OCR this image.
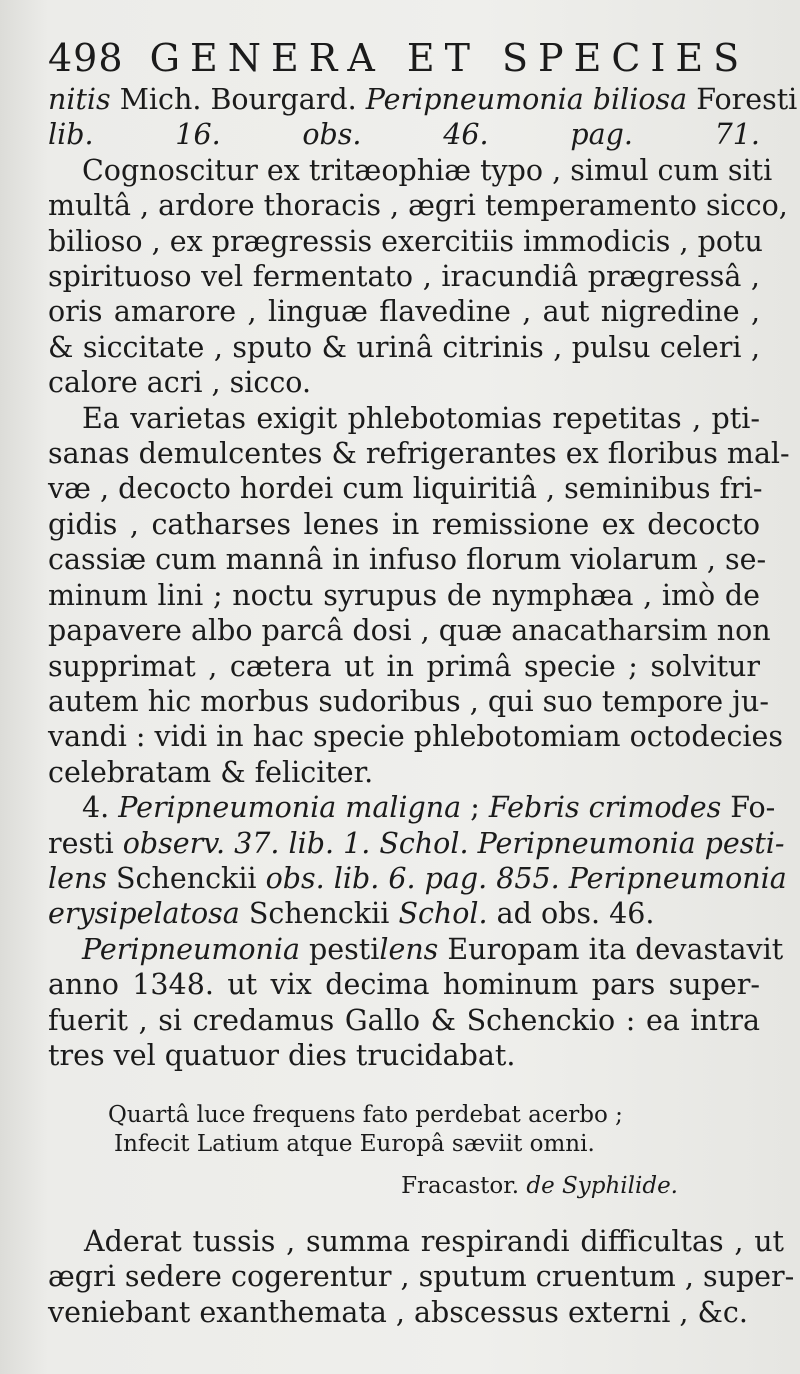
498 GENERA ET SPECIES
nitis Mich. Bourgard. Peripneumonia biliosa Foresti
lib. 16. obs. 46. pag. 71.
Cognoscitur ex tritæophiæ typo , simul cum siti
multâ , ardore thoracis , ægri temperamento sicco,
bilioso , ex prægressis exercitiis immodicis , potu
spirituoso vel fermentato , iracundiâ prægressâ ,
oris amarore , linguæ flavedine , aut nigredine ,
& siccitate , sputo & urinâ citrinis , pulsu celeri ,
calore acri , sicco.
Ea varietas exigit phlebotomias repetitas , pti-
sanas demulcentes & refrigerantes ex floribus mal-
væ , decocto hordei cum liquiritiâ , seminibus fri-
gidis , catharses lenes in remissione ex decocto
cassiæ cum mannâ in infuso florum violarum , se-
minum lini ; noctu syrupus de nymphæa , imò de
papavere albo parcâ dosi , quæ anacatharsim non
supprimat , cætera ut in primâ specie ; solvitur
autem hic morbus sudoribus , qui suo tempore ju-
vandi : vidi in hac specie phlebotomiam octodecies
celebratam & feliciter.
4. Peripneumonia maligna ; Febris crimodes Fo-
resti observ. 37. lib. 1. Schol. Peripneumonia pesti-
lens Schenckii obs. lib. 6. pag. 855. Peripneumonia
erysipelatosa Schenckii Schol. ad obs. 46.
Peripneumonia pestilens Europam ita devastavit
anno 1348. ut vix decima hominum pars super-
fuerit , si credamus Gallo & Schenckio : ea intra
tres vel quatuor dies trucidabat.
Quartâ luce frequens fato perdebat acerbo ;
Infecit Latium atque Europâ sæviit omni.
Fracastor. de Syphilide.
Aderat tussis , summa respirandi difficultas , ut
ægri sedere cogerentur , sputum cruentum , super-
veniebant exanthemata , abscessus externi , &c.
